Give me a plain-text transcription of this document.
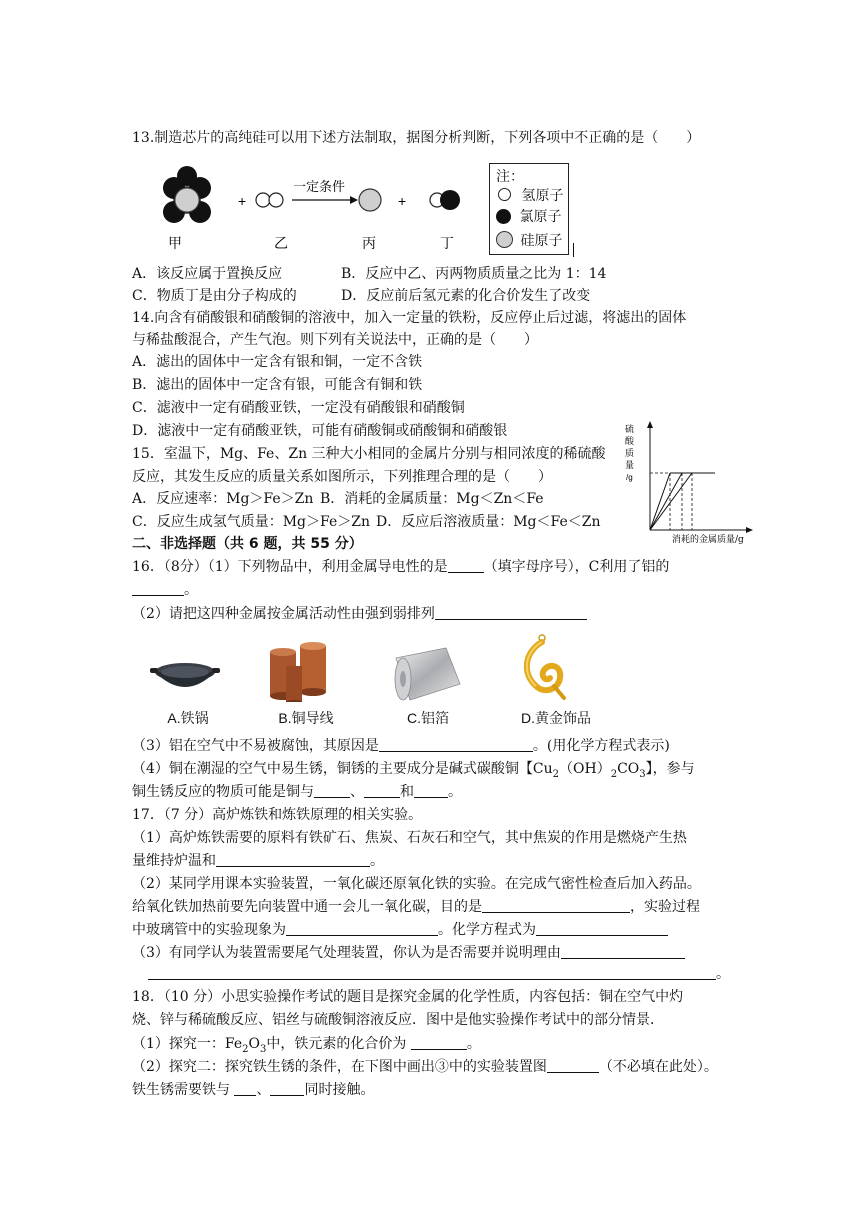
13.制造芯片的高纯硅可以用下述方法制取，据图分析判断，下列各项中不正确的是（　　）
+
一定条件
+
甲	乙	丙	丁
注：
氢原子
氯原子
硅原子
A．该反应属于置换反应	B．反应中乙、丙两物质质量之比为 1：14
C．物质丁是由分子构成的	D．反应前后氢元素的化合价发生了改变
14.向含有硝酸银和硝酸铜的溶液中，加入一定量的铁粉，反应停止后过滤，将滤出的固体
与稀盐酸混合，产生气泡。则下列有关说法中，正确的是（　　）
A．滤出的固体中一定含有银和铜，一定不含铁
B．滤出的固体中一定含有银，可能含有铜和铁
C．滤液中一定有硝酸亚铁，一定没有硝酸银和硝酸铜
D．滤液中一定有硝酸亚铁，可能有硝酸铜或硝酸铜和硝酸银
15．室温下，Mg、Fe、Zn 三种大小相同的金属片分别与相同浓度的稀硫酸
反应，其发生反应的质量关系如图所示，下列推理合理的是（　　）
A．反应速率：Mg＞Fe＞Zn B．消耗的金属质量：Mg＜Zn＜Fe
C．反应生成氢气质量：Mg＞Fe＞Zn D．反应后溶液质量：Mg＜Fe＜Zn
硫
酸
质
量
/g
消耗的金属质量/g
二、非选择题（共 6 题，共 55 分）
16．（8分）（1）下列物品中，利用金属导电性的是	（填字母序号），C利用了铝的
。
（2）请把这四种金属按金属活动性由强到弱排列
A.铁锅	B.铜导线	C.铝箔	D.黄金饰品
（3）铝在空气中不易被腐蚀，其原因是	。(用化学方程式表示)
（4）铜在潮湿的空气中易生锈，铜锈的主要成分是碱式碳酸铜【$Cu_2(OH)_2CO_3$】，参与
铜生锈反应的物质可能是铜与	、	和 。
17．（7 分）高炉炼铁和炼铁原理的相关实验。
（1）高炉炼铁需要的原料有铁矿石、焦炭、石灰石和空气，其中焦炭的作用是燃烧产生热
量维持炉温和	。
（2）某同学用课本实验装置，一氧化碳还原氧化铁的实验。在完成气密性检查后加入药品。
给氧化铁加热前要先向装置中通一会儿一氧化碳，目的是	，实验过程
中玻璃管中的实验现象为	。化学方程式为
（3）有同学认为装置需要尾气处理装置，你认为是否需要并说明理由
。
18．（10 分）小思实验操作考试的题目是探究金属的化学性质，内容包括：铜在空气中灼
烧、锌与稀硫酸反应、铝丝与硫酸铜溶液反应．图中是他实验操作考试中的部分情景．
（1）探究一：$Fe_2O_3$中，铁元素的化合价为	。
（2）探究二：探究铁生锈的条件，在下图中画出③中的实验装置图	（不必填在此处）。
铁生锈需要铁与 、 同时接触。
